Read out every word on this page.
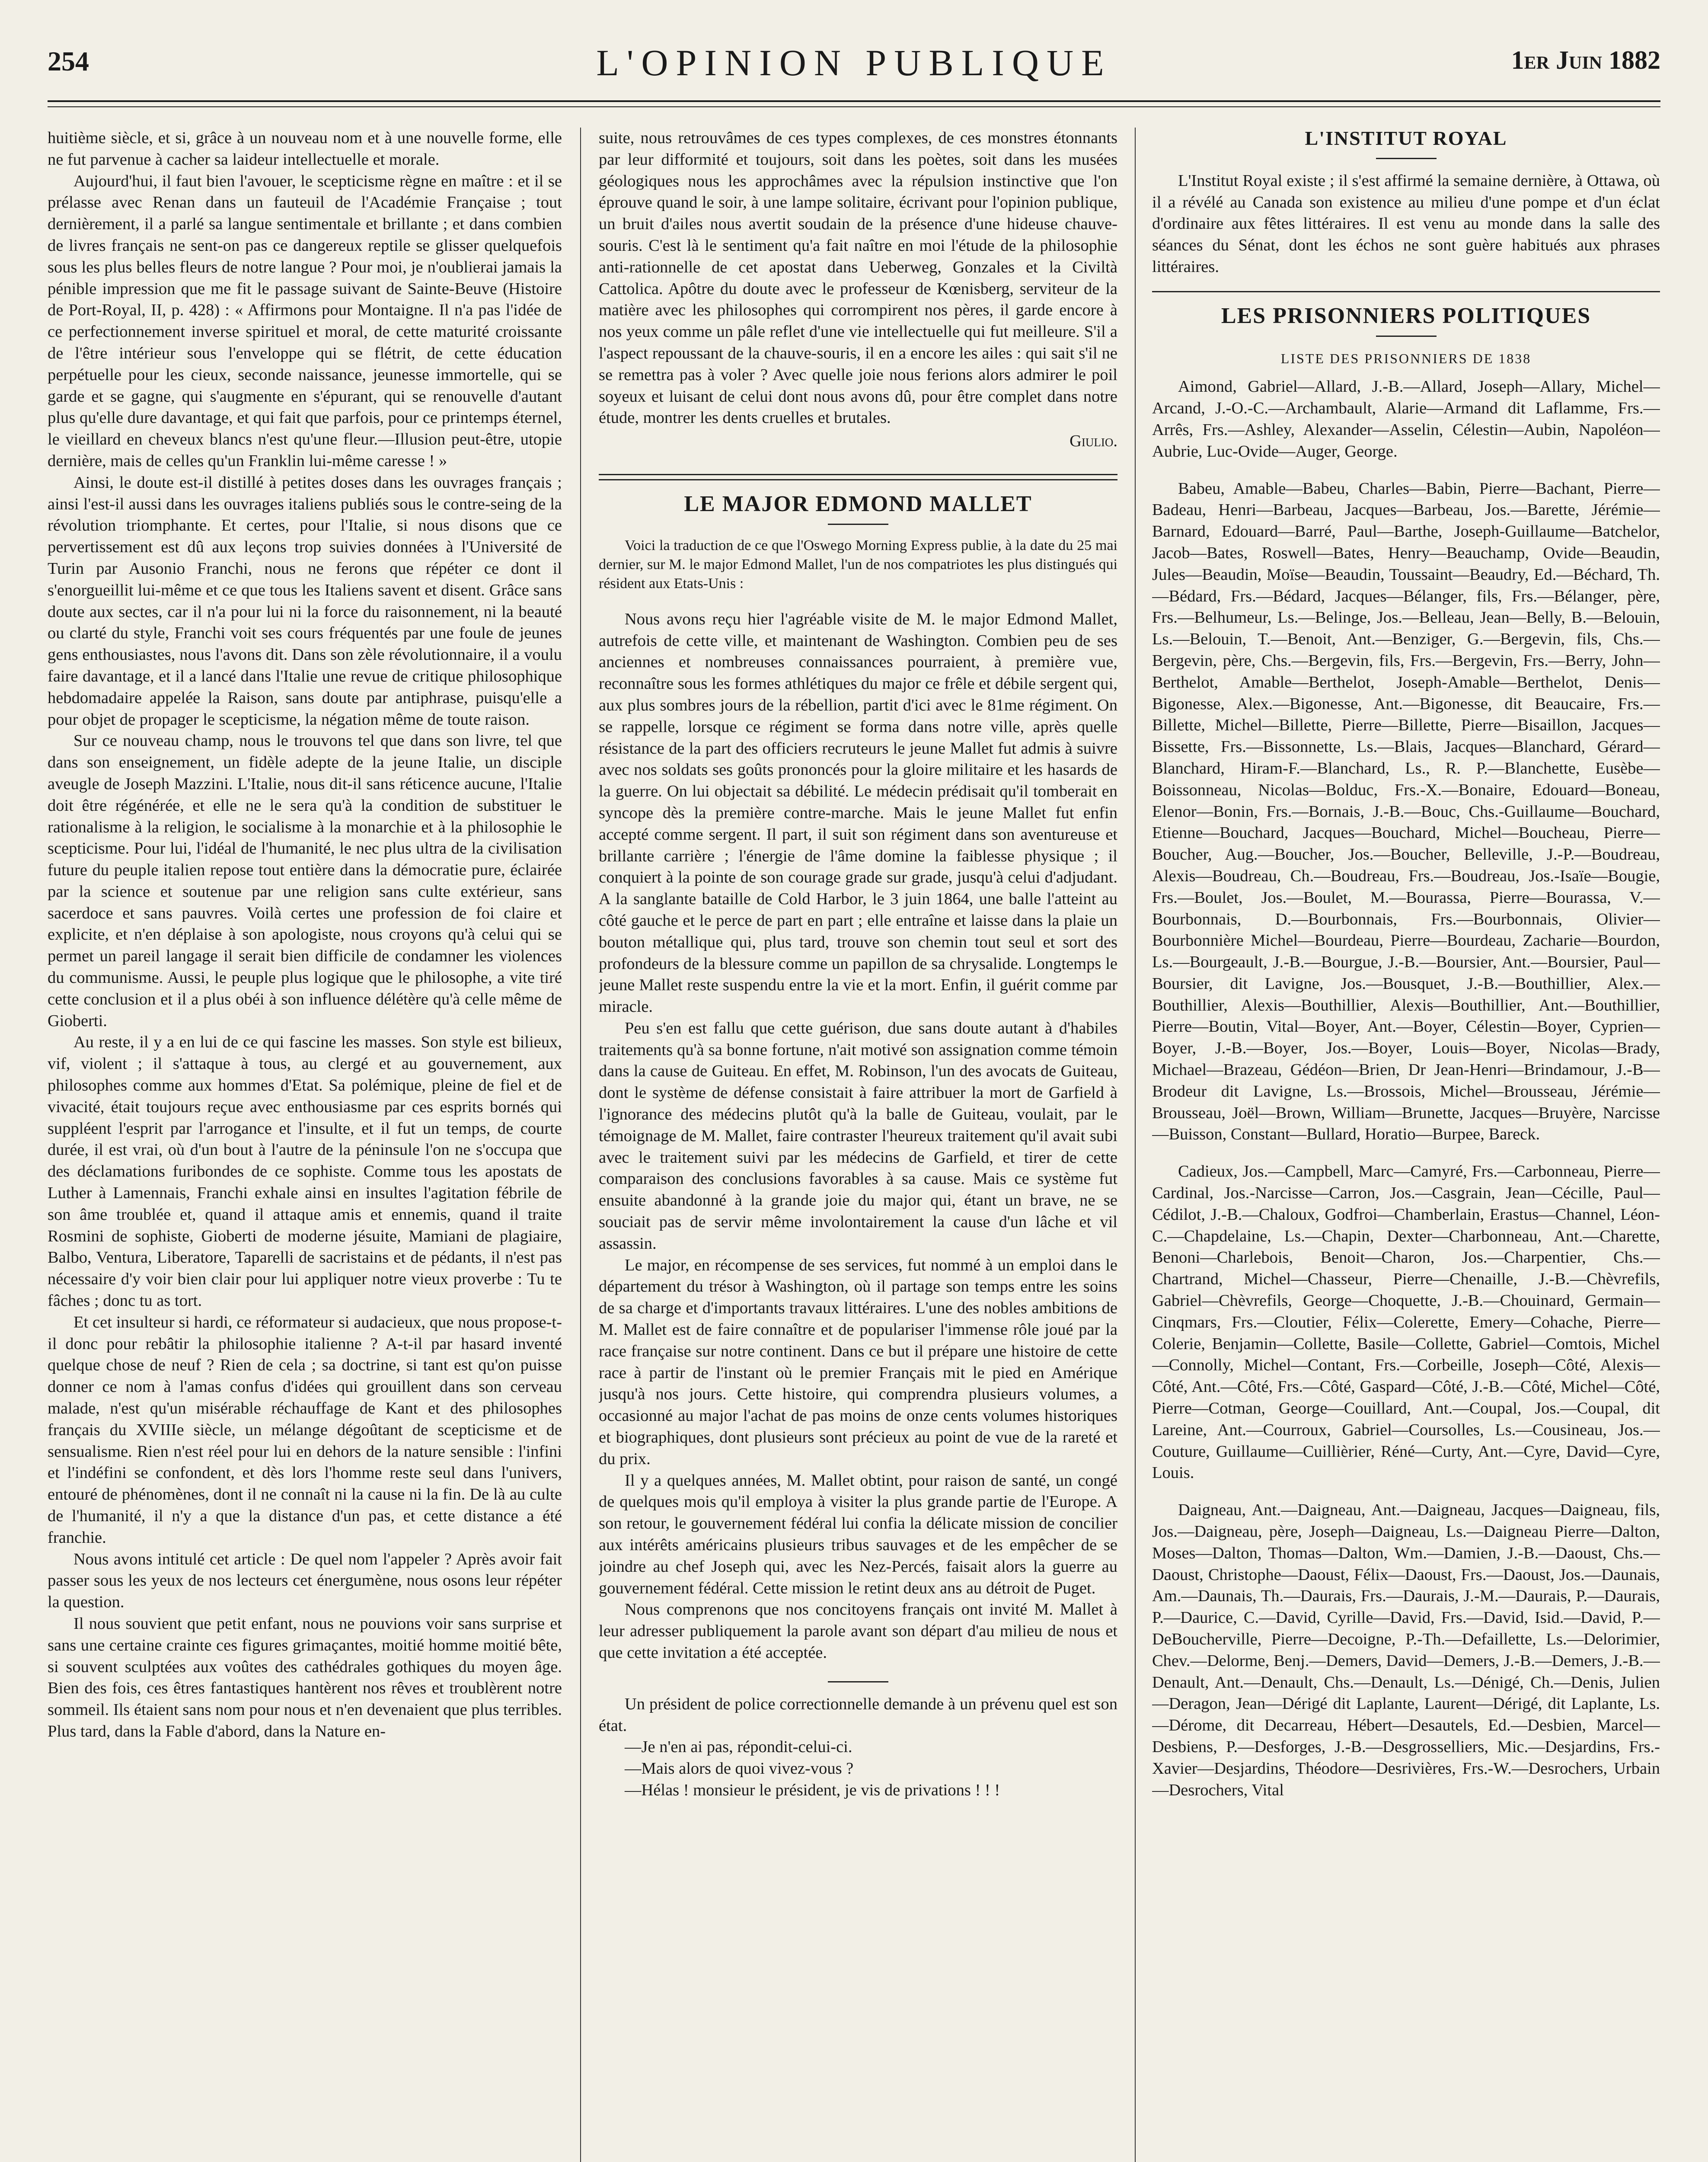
254	L'OPINION PUBLIQUE	1er Juin 1882

huitième siècle, et si, grâce à un nouveau nom et à une nouvelle forme, elle ne fut parvenue à cacher sa laideur intellectuelle et morale.

Aujourd'hui, il faut bien l'avouer, le scepticisme règne en maître : et il se prélasse avec Renan dans un fauteuil de l'Académie Française ; tout dernièrement, il a parlé sa langue sentimentale et brillante ; et dans combien de livres français ne sent-on pas ce dangereux reptile se glisser quelquefois sous les plus belles fleurs de notre langue ? Pour moi, je n'oublierai jamais la pénible impression que me fit le passage suivant de Sainte-Beuve (Histoire de Port-Royal, II, p. 428) : « Affirmons pour Montaigne. Il n'a pas l'idée de ce perfectionnement inverse spirituel et moral, de cette maturité croissante de l'être intérieur sous l'enveloppe qui se flétrit, de cette éducation perpétuelle pour les cieux, seconde naissance, jeunesse immortelle, qui se garde et se gagne, qui s'augmente en s'épurant, qui se renouvelle d'autant plus qu'elle dure davantage, et qui fait que parfois, pour ce printemps éternel, le vieillard en cheveux blancs n'est qu'une fleur.—Illusion peut-être, utopie dernière, mais de celles qu'un Franklin lui-même caresse ! »

Ainsi, le doute est-il distillé à petites doses dans les ouvrages français ; ainsi l'est-il aussi dans les ouvrages italiens publiés sous le contre-seing de la révolution triomphante. Et certes, pour l'Italie, si nous disons que ce pervertissement est dû aux leçons trop suivies données à l'Université de Turin par Ausonio Franchi, nous ne ferons que répéter ce dont il s'enorgueillit lui-même et ce que tous les Italiens savent et disent. Grâce sans doute aux sectes, car il n'a pour lui ni la force du raisonnement, ni la beauté ou clarté du style, Franchi voit ses cours fréquentés par une foule de jeunes gens enthousiastes, nous l'avons dit. Dans son zèle révolutionnaire, il a voulu faire davantage, et il a lancé dans l'Italie une revue de critique philosophique hebdomadaire appelée la Raison, sans doute par antiphrase, puisqu'elle a pour objet de propager le scepticisme, la négation même de toute raison.

Sur ce nouveau champ, nous le trouvons tel que dans son livre, tel que dans son enseignement, un fidèle adepte de la jeune Italie, un disciple aveugle de Joseph Mazzini. L'Italie, nous dit-il sans réticence aucune, l'Italie doit être régénérée, et elle ne le sera qu'à la condition de substituer le rationalisme à la religion, le socialisme à la monarchie et à la philosophie le scepticisme. Pour lui, l'idéal de l'humanité, le nec plus ultra de la civilisation future du peuple italien repose tout entière dans la démocratie pure, éclairée par la science et soutenue par une religion sans culte extérieur, sans sacerdoce et sans pauvres. Voilà certes une profession de foi claire et explicite, et n'en déplaise à son apologiste, nous croyons qu'à celui qui se permet un pareil langage il serait bien difficile de condamner les violences du communisme. Aussi, le peuple plus logique que le philosophe, a vite tiré cette conclusion et il a plus obéi à son influence délétère qu'à celle même de Gioberti.

Au reste, il y a en lui de ce qui fascine les masses. Son style est bilieux, vif, violent ; il s'attaque à tous, au clergé et au gouvernement, aux philosophes comme aux hommes d'Etat. Sa polémique, pleine de fiel et de vivacité, était toujours reçue avec enthousiasme par ces esprits bornés qui suppléent l'esprit par l'arrogance et l'insulte, et il fut un temps, de courte durée, il est vrai, où d'un bout à l'autre de la péninsule l'on ne s'occupa que des déclamations furibondes de ce sophiste. Comme tous les apostats de Luther à Lamennais, Franchi exhale ainsi en insultes l'agitation fébrile de son âme troublée et, quand il attaque amis et ennemis, quand il traite Rosmini de sophiste, Gioberti de moderne jésuite, Mamiani de plagiaire, Balbo, Ventura, Liberatore, Taparelli de sacristains et de pédants, il n'est pas nécessaire d'y voir bien clair pour lui appliquer notre vieux proverbe : Tu te fâches ; donc tu as tort.

Et cet insulteur si hardi, ce réformateur si audacieux, que nous propose-t-il donc pour rebâtir la philosophie italienne ? A-t-il par hasard inventé quelque chose de neuf ? Rien de cela ; sa doctrine, si tant est qu'on puisse donner ce nom à l'amas confus d'idées qui grouillent dans son cerveau malade, n'est qu'un misérable réchauffage de Kant et des philosophes français du XVIIIe siècle, un mélange dégoûtant de scepticisme et de sensualisme. Rien n'est réel pour lui en dehors de la nature sensible : l'infini et l'indéfini se confondent, et dès lors l'homme reste seul dans l'univers, entouré de phénomènes, dont il ne connaît ni la cause ni la fin. De là au culte de l'humanité, il n'y a que la distance d'un pas, et cette distance a été franchie.

Nous avons intitulé cet article : De quel nom l'appeler ? Après avoir fait passer sous les yeux de nos lecteurs cet énergumène, nous osons leur répéter la question.

Il nous souvient que petit enfant, nous ne pouvions voir sans surprise et sans une certaine crainte ces figures grimaçantes, moitié homme moitié bête, si souvent sculptées aux voûtes des cathédrales gothiques du moyen âge. Bien des fois, ces êtres fantastiques hantèrent nos rêves et troublèrent notre sommeil. Ils étaient sans nom pour nous et n'en devenaient que plus terribles. Plus tard, dans la Fable d'abord, dans la Nature en-

suite, nous retrouvâmes de ces types complexes, de ces monstres étonnants par leur difformité et toujours, soit dans les poètes, soit dans les musées géologiques nous les approchâmes avec la répulsion instinctive que l'on éprouve quand le soir, à une lampe solitaire, écrivant pour l'opinion publique, un bruit d'ailes nous avertit soudain de la présence d'une hideuse chauve-souris. C'est là le sentiment qu'a fait naître en moi l'étude de la philosophie anti-rationnelle de cet apostat dans Ueberweg, Gonzales et la Civiltà Cattolica. Apôtre du doute avec le professeur de Kœnisberg, serviteur de la matière avec les philosophes qui corrompirent nos pères, il garde encore à nos yeux comme un pâle reflet d'une vie intellectuelle qui fut meilleure. S'il a l'aspect repoussant de la chauve-souris, il en a encore les ailes : qui sait s'il ne se remettra pas à voler ? Avec quelle joie nous ferions alors admirer le poil soyeux et luisant de celui dont nous avons dû, pour être complet dans notre étude, montrer les dents cruelles et brutales.

Giulio.
LE MAJOR EDMOND MALLET

Voici la traduction de ce que l'Oswego Morning Express publie, à la date du 25 mai dernier, sur M. le major Edmond Mallet, l'un de nos compatriotes les plus distingués qui résident aux Etats-Unis :

Nous avons reçu hier l'agréable visite de M. le major Edmond Mallet, autrefois de cette ville, et maintenant de Washington. Combien peu de ses anciennes et nombreuses connaissances pourraient, à première vue, reconnaître sous les formes athlétiques du major ce frêle et débile sergent qui, aux plus sombres jours de la rébellion, partit d'ici avec le 81me régiment. On se rappelle, lorsque ce régiment se forma dans notre ville, après quelle résistance de la part des officiers recruteurs le jeune Mallet fut admis à suivre avec nos soldats ses goûts prononcés pour la gloire militaire et les hasards de la guerre. On lui objectait sa débilité. Le médecin prédisait qu'il tomberait en syncope dès la première contre-marche. Mais le jeune Mallet fut enfin accepté comme sergent. Il part, il suit son régiment dans son aventureuse et brillante carrière ; l'énergie de l'âme domine la faiblesse physique ; il conquiert à la pointe de son courage grade sur grade, jusqu'à celui d'adjudant. A la sanglante bataille de Cold Harbor, le 3 juin 1864, une balle l'atteint au côté gauche et le perce de part en part ; elle entraîne et laisse dans la plaie un bouton métallique qui, plus tard, trouve son chemin tout seul et sort des profondeurs de la blessure comme un papillon de sa chrysalide. Longtemps le jeune Mallet reste suspendu entre la vie et la mort. Enfin, il guérit comme par miracle.

Peu s'en est fallu que cette guérison, due sans doute autant à d'habiles traitements qu'à sa bonne fortune, n'ait motivé son assignation comme témoin dans la cause de Guiteau. En effet, M. Robinson, l'un des avocats de Guiteau, dont le système de défense consistait à faire attribuer la mort de Garfield à l'ignorance des médecins plutôt qu'à la balle de Guiteau, voulait, par le témoignage de M. Mallet, faire contraster l'heureux traitement qu'il avait subi avec le traitement suivi par les médecins de Garfield, et tirer de cette comparaison des conclusions favorables à sa cause. Mais ce système fut ensuite abandonné à la grande joie du major qui, étant un brave, ne se souciait pas de servir même involontairement la cause d'un lâche et vil assassin.

Le major, en récompense de ses services, fut nommé à un emploi dans le département du trésor à Washington, où il partage son temps entre les soins de sa charge et d'importants travaux littéraires. L'une des nobles ambitions de M. Mallet est de faire connaître et de populariser l'immense rôle joué par la race française sur notre continent. Dans ce but il prépare une histoire de cette race à partir de l'instant où le premier Français mit le pied en Amérique jusqu'à nos jours. Cette histoire, qui comprendra plusieurs volumes, a occasionné au major l'achat de pas moins de onze cents volumes historiques et biographiques, dont plusieurs sont précieux au point de vue de la rareté et du prix.

Il y a quelques années, M. Mallet obtint, pour raison de santé, un congé de quelques mois qu'il employa à visiter la plus grande partie de l'Europe. A son retour, le gouvernement fédéral lui confia la délicate mission de concilier aux intérêts américains plusieurs tribus sauvages et de les empêcher de se joindre au chef Joseph qui, avec les Nez-Percés, faisait alors la guerre au gouvernement fédéral. Cette mission le retint deux ans au détroit de Puget.

Nous comprenons que nos concitoyens français ont invité M. Mallet à leur adresser publiquement la parole avant son départ d'au milieu de nous et que cette invitation a été acceptée.

Un président de police correctionnelle demande à un prévenu quel est son état.

—Je n'en ai pas, répondit-celui-ci.

—Mais alors de quoi vivez-vous ?

—Hélas ! monsieur le président, je vis de privations ! ! !

L'INSTITUT ROYAL

L'Institut Royal existe ; il s'est affirmé la semaine dernière, à Ottawa, où il a révélé au Canada son existence au milieu d'une pompe et d'un éclat d'ordinaire aux fêtes littéraires. Il est venu au monde dans la salle des séances du Sénat, dont les échos ne sont guère habitués aux phrases littéraires.

LES PRISONNIERS POLITIQUES
LISTE DES PRISONNIERS DE 1838

Aimond, Gabriel—Allard, J.-B.—Allard, Joseph—Allary, Michel—Arcand, J.-O.-C.—Archambault, Alarie—Armand dit Laflamme, Frs.—Arrês, Frs.—Ashley, Alexander—Asselin, Célestin—Aubin, Napoléon—Aubrie, Luc-Ovide—Auger, George.

Babeu, Amable—Babeu, Charles—Babin, Pierre—Bachant, Pierre—Badeau, Henri—Barbeau, Jacques—Barbeau, Jos.—Barette, Jérémie—Barnard, Edouard—Barré, Paul—Barthe, Joseph-Guillaume—Batchelor, Jacob—Bates, Roswell—Bates, Henry—Beauchamp, Ovide—Beaudin, Jules—Beaudin, Moïse—Beaudin, Toussaint—Beaudry, Ed.—Béchard, Th.—Bédard, Frs.—Bédard, Jacques—Bélanger, fils, Frs.—Bélanger, père, Frs.—Belhumeur, Ls.—Belinge, Jos.—Belleau, Jean—Belly, B.—Belouin, Ls.—Belouin, T.—Benoit, Ant.—Benziger, G.—Bergevin, fils, Chs.—Bergevin, père, Chs.—Bergevin, fils, Frs.—Bergevin, Frs.—Berry, John—Berthelot, Amable—Berthelot, Joseph-Amable—Berthelot, Denis—Bigonesse, Alex.—Bigonesse, Ant.—Bigonesse, dit Beaucaire, Frs.—Billette, Michel—Billette, Pierre—Billette, Pierre—Bisaillon, Jacques—Bissette, Frs.—Bissonnette, Ls.—Blais, Jacques—Blanchard, Gérard—Blanchard, Hiram-F.—Blanchard, Ls., R. P.—Blanchette, Eusèbe—Boissonneau, Nicolas—Bolduc, Frs.-X.—Bonaire, Edouard—Boneau, Elenor—Bonin, Frs.—Bornais, J.-B.—Bouc, Chs.-Guillaume—Bouchard, Etienne—Bouchard, Jacques—Bouchard, Michel—Boucheau, Pierre—Boucher, Aug.—Boucher, Jos.—Boucher, Belleville, J.-P.—Boudreau, Alexis—Boudreau, Ch.—Boudreau, Frs.—Boudreau, Jos.-Isaïe—Bougie, Frs.—Boulet, Jos.—Boulet, M.—Bourassa, Pierre—Bourassa, V.—Bourbonnais, D.—Bourbonnais, Frs.—Bourbonnais, Olivier—Bourbonnière Michel—Bourdeau, Pierre—Bourdeau, Zacharie—Bourdon, Ls.—Bourgeault, J.-B.—Bourgue, J.-B.—Boursier, Ant.—Boursier, Paul—Boursier, dit Lavigne, Jos.—Bousquet, J.-B.—Bouthillier, Alex.—Bouthillier, Alexis—Bouthillier, Alexis—Bouthillier, Ant.—Bouthillier, Pierre—Boutin, Vital—Boyer, Ant.—Boyer, Célestin—Boyer, Cyprien—Boyer, J.-B.—Boyer, Jos.—Boyer, Louis—Boyer, Nicolas—Brady, Michael—Brazeau, Gédéon—Brien, Dr Jean-Henri—Brindamour, J.-B—Brodeur dit Lavigne, Ls.—Brossois, Michel—Brousseau, Jérémie—Brousseau, Joël—Brown, William—Brunette, Jacques—Bruyère, Narcisse—Buisson, Constant—Bullard, Horatio—Burpee, Bareck.

Cadieux, Jos.—Campbell, Marc—Camyré, Frs.—Carbonneau, Pierre—Cardinal, Jos.-Narcisse—Carron, Jos.—Casgrain, Jean—Cécille, Paul—Cédilot, J.-B.—Chaloux, Godfroi—Chamberlain, Erastus—Channel, Léon-C.—Chapdelaine, Ls.—Chapin, Dexter—Charbonneau, Ant.—Charette, Benoni—Charlebois, Benoit—Charon, Jos.—Charpentier, Chs.—Chartrand, Michel—Chasseur, Pierre—Chenaille, J.-B.—Chèvrefils, Gabriel—Chèvrefils, George—Choquette, J.-B.—Chouinard, Germain—Cinqmars, Frs.—Cloutier, Félix—Colerette, Emery—Cohache, Pierre—Colerie, Benjamin—Collette, Basile—Collette, Gabriel—Comtois, Michel—Connolly, Michel—Contant, Frs.—Corbeille, Joseph—Côté, Alexis—Côté, Ant.—Côté, Frs.—Côté, Gaspard—Côté, J.-B.—Côté, Michel—Côté, Pierre—Cotman, George—Couillard, Ant.—Coupal, Jos.—Coupal, dit Lareine, Ant.—Courroux, Gabriel—Coursolles, Ls.—Cousineau, Jos.—Couture, Guillaume—Cuillièrier, Réné—Curty, Ant.—Cyre, David—Cyre, Louis.

Daigneau, Ant.—Daigneau, Ant.—Daigneau, Jacques—Daigneau, fils, Jos.—Daigneau, père, Joseph—Daigneau, Ls.—Daigneau Pierre—Dalton, Moses—Dalton, Thomas—Dalton, Wm.—Damien, J.-B.—Daoust, Chs.—Daoust, Christophe—Daoust, Félix—Daoust, Frs.—Daoust, Jos.—Daunais, Am.—Daunais, Th.—Daurais, Frs.—Daurais, J.-M.—Daurais, P.—Daurais, P.—Daurice, C.—David, Cyrille—David, Frs.—David, Isid.—David, P.—DeBoucherville, Pierre—Decoigne, P.-Th.—Defaillette, Ls.—Delorimier, Chev.—Delorme, Benj.—Demers, David—Demers, J.-B.—Demers, J.-B.—Denault, Ant.—Denault, Chs.—Denault, Ls.—Dénigé, Ch.—Denis, Julien—Deragon, Jean—Dérigé dit Laplante, Laurent—Dérigé, dit Laplante, Ls.—Dérome, dit Decarreau, Hébert—Desautels, Ed.—Desbien, Marcel—Desbiens, P.—Desforges, J.-B.—Desgrosselliers, Mic.—Desjardins, Frs.-Xavier—Desjardins, Théodore—Desrivières, Frs.-W.—Desrochers, Urbain—Desrochers, Vital
